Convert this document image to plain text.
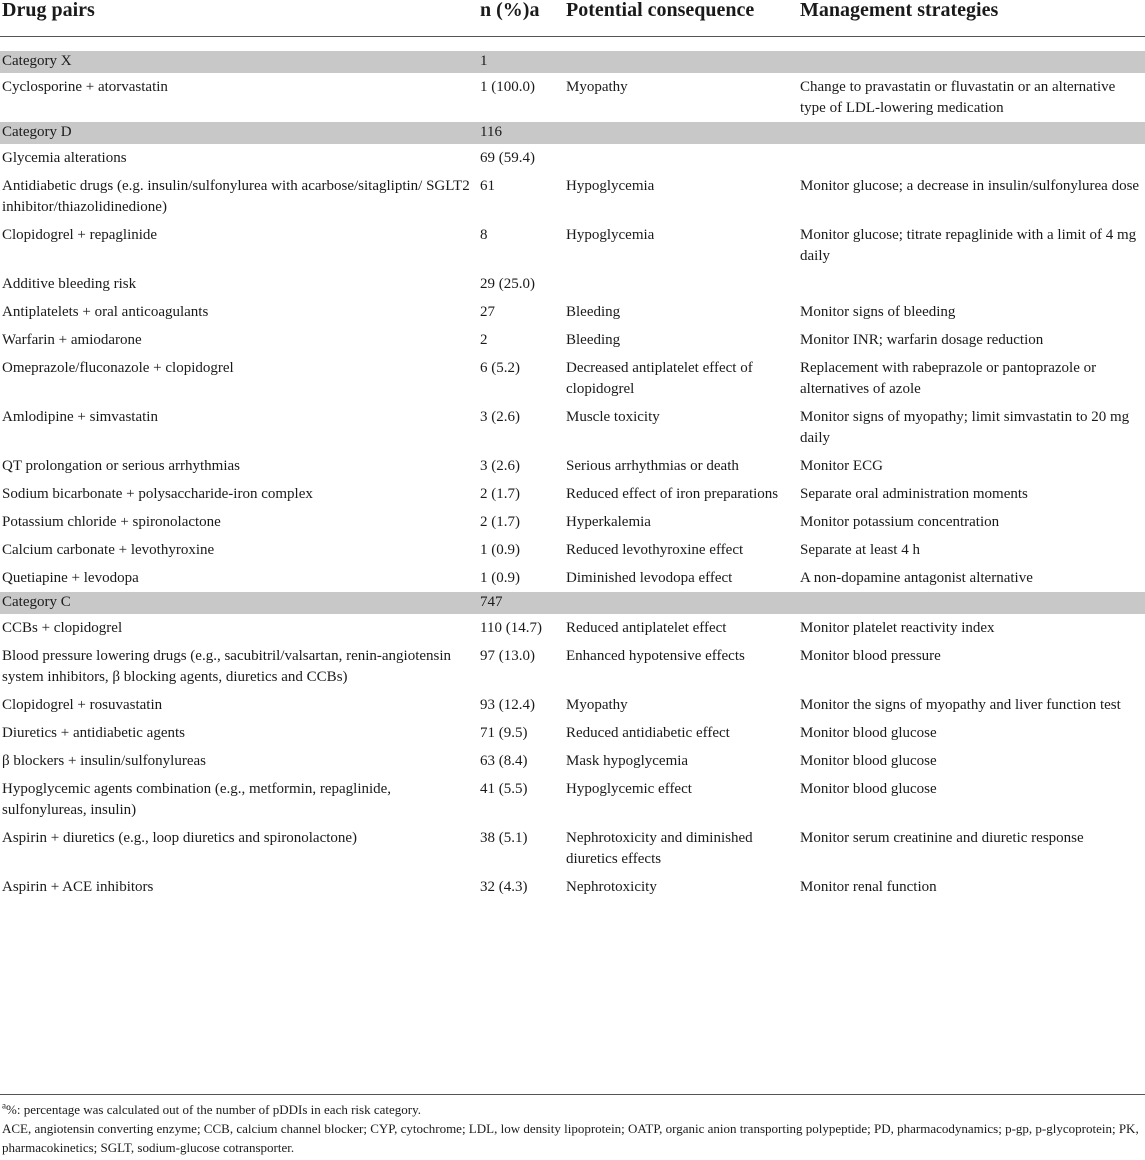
Drug pairs	n (%)a	Potential consequence	Management strategies

Category X	1		
Cyclosporine + atorvastatin	1 (100.0)	Myopathy	Change to pravastatin or fluvastatin or an alternative type of LDL-lowering medication
Category D	116		
Glycemia alterations	69 (59.4)		
Antidiabetic drugs (e.g. insulin/sulfonylurea with acarbose/sitagliptin/ SGLT2 inhibitor/thiazolidinedione)	61	Hypoglycemia	Monitor glucose; a decrease in insulin/sulfonylurea dose
Clopidogrel + repaglinide	8	Hypoglycemia	Monitor glucose; titrate repaglinide with a limit of 4 mg daily
Additive bleeding risk	29 (25.0)		
Antiplatelets + oral anticoagulants	27	Bleeding	Monitor signs of bleeding
Warfarin + amiodarone	2	Bleeding	Monitor INR; warfarin dosage reduction
Omeprazole/fluconazole + clopidogrel	6 (5.2)	Decreased antiplatelet effect of clopidogrel	Replacement with rabeprazole or pantoprazole or alternatives of azole
Amlodipine + simvastatin	3 (2.6)	Muscle toxicity	Monitor signs of myopathy; limit simvastatin to 20 mg daily
QT prolongation or serious arrhythmias	3 (2.6)	Serious arrhythmias or death	Monitor ECG
Sodium bicarbonate + polysaccharide-iron complex	2 (1.7)	Reduced effect of iron preparations	Separate oral administration moments
Potassium chloride + spironolactone	2 (1.7)	Hyperkalemia	Monitor potassium concentration
Calcium carbonate + levothyroxine	1 (0.9)	Reduced levothyroxine effect	Separate at least 4 h
Quetiapine + levodopa	1 (0.9)	Diminished levodopa effect	A non-dopamine antagonist alternative
Category C	747		
CCBs + clopidogrel	110 (14.7)	Reduced antiplatelet effect	Monitor platelet reactivity index
Blood pressure lowering drugs (e.g., sacubitril/valsartan, renin-angiotensin system inhibitors, β blocking agents, diuretics and CCBs)	97 (13.0)	Enhanced hypotensive effects	Monitor blood pressure
Clopidogrel + rosuvastatin	93 (12.4)	Myopathy	Monitor the signs of myopathy and liver function test
Diuretics + antidiabetic agents	71 (9.5)	Reduced antidiabetic effect	Monitor blood glucose
β blockers + insulin/sulfonylureas	63 (8.4)	Mask hypoglycemia	Monitor blood glucose
Hypoglycemic agents combination (e.g., metformin, repaglinide, sulfonylureas, insulin)	41 (5.5)	Hypoglycemic effect	Monitor blood glucose
Aspirin + diuretics (e.g., loop diuretics and spironolactone)	38 (5.1)	Nephrotoxicity and diminished diuretics effects	Monitor serum creatinine and diuretic response
Aspirin + ACE inhibitors	32 (4.3)	Nephrotoxicity	Monitor renal function

$^a$%: percentage was calculated out of the number of pDDIs in each risk category.

ACE, angiotensin converting enzyme; CCB, calcium channel blocker; CYP, cytochrome; LDL, low density lipoprotein; OATP, organic anion transporting polypeptide; PD, pharmacodynamics; p-gp, p-glycoprotein; PK, pharmacokinetics; SGLT, sodium-glucose cotransporter.
